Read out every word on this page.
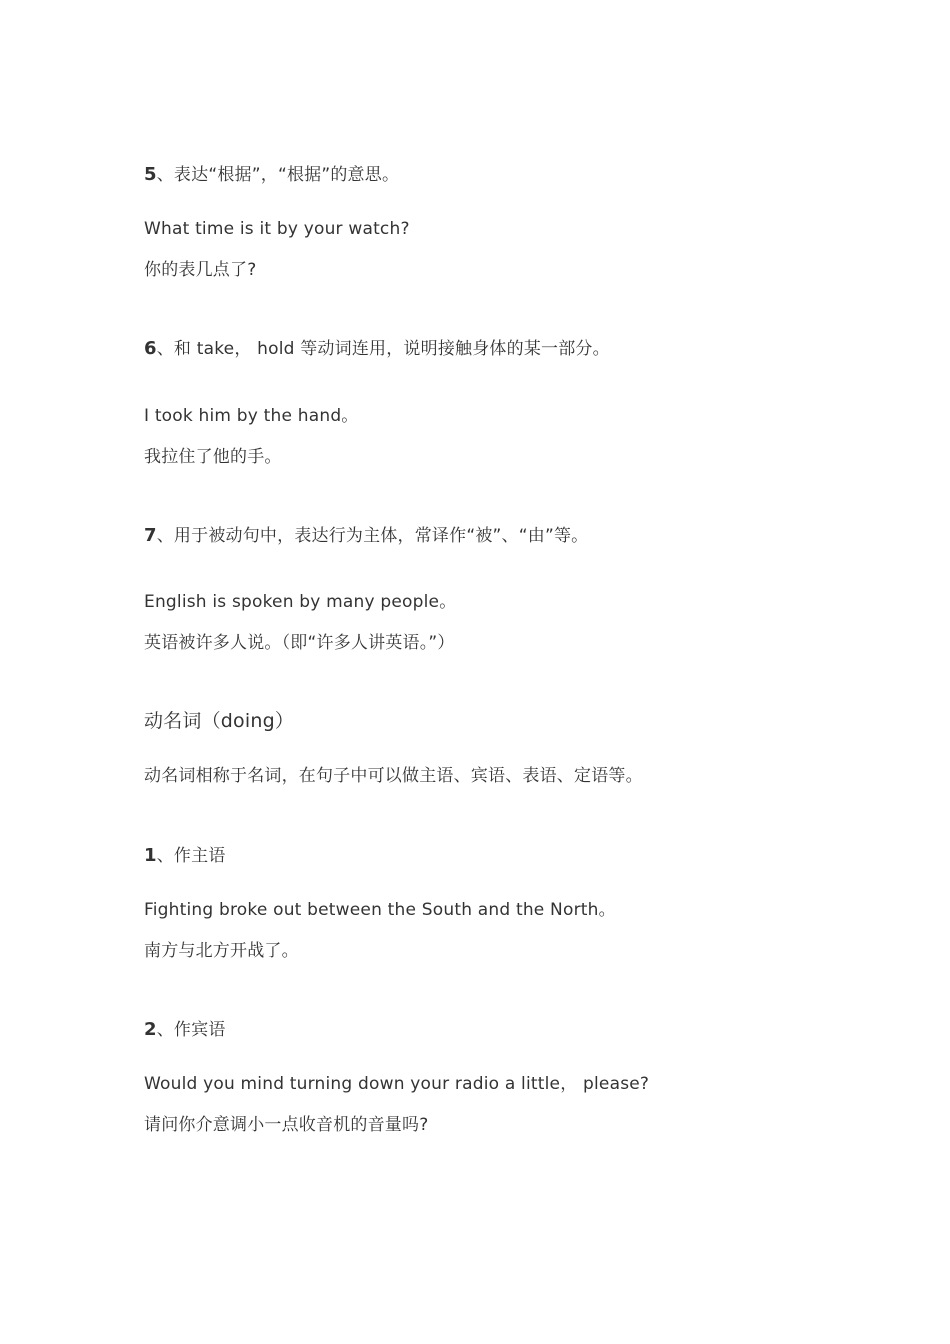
5、表达“根据”，“根据”的意思。
What time is it by your watch?
你的表几点了?
6、和 take， hold 等动词连用，说明接触身体的某一部分。
I took him by the hand。
我拉住了他的手。
7、用于被动句中，表达行为主体，常译作“被”、“由”等。
English is spoken by many people。
英语被许多人说。（即“许多人讲英语。”）
动名词（doing）
动名词相称于名词，在句子中可以做主语、宾语、表语、定语等。
1、作主语
Fighting broke out between the South and the North。
南方与北方开战了。
2、作宾语
Would you mind turning down your radio a little， please?
请问你介意调小一点收音机的音量吗?
